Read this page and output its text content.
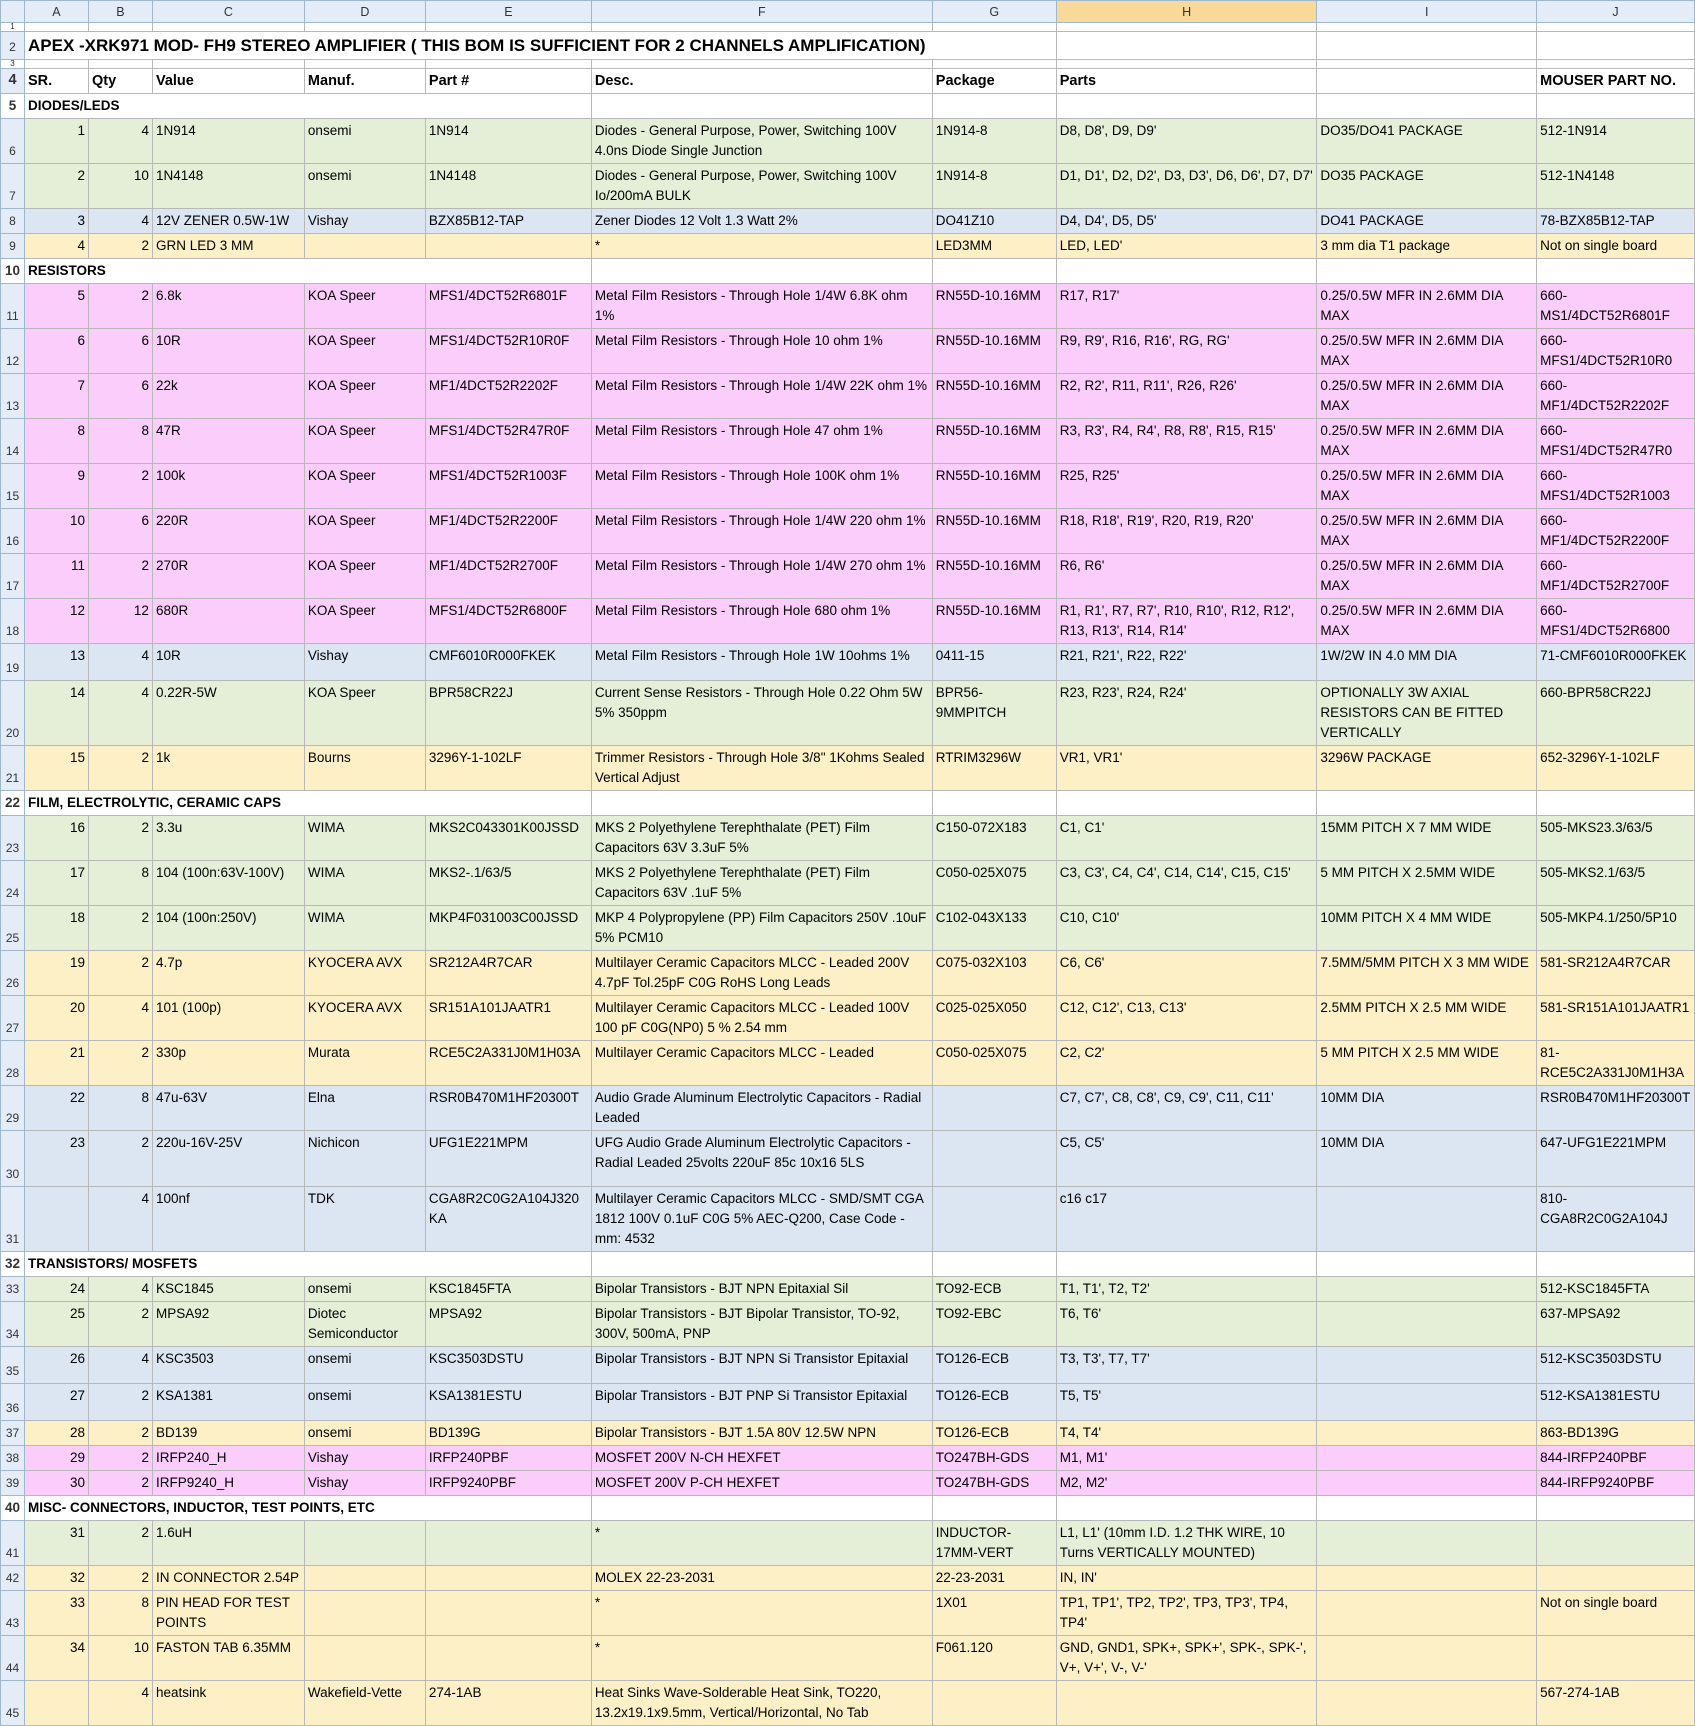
	A	B	C	D	E	F	G	H	I	J
1										
2	APEX -XRK971 MOD- FH9 STEREO AMPLIFIER ( THIS BOM IS SUFFICIENT FOR 2 CHANNELS AMPLIFICATION)									
3										
4	SR.	Qty	Value	Manuf.	Part #	Desc.	Package	Parts		MOUSER PART NO.
5	DIODES/LEDS									
6	1	4	1N914	onsemi	1N914	Diodes - General Purpose, Power, Switching 100V 4.0ns Diode Single Junction	1N914-8	D8, D8', D9, D9'	DO35/DO41 PACKAGE	512-1N914
7	2	10	1N4148	onsemi	1N4148	Diodes - General Purpose, Power, Switching 100V Io/200mA BULK	1N914-8	D1, D1', D2, D2', D3, D3', D6, D6', D7, D7'	DO35 PACKAGE	512-1N4148
8	3	4	12V ZENER 0.5W-1W	Vishay	BZX85B12-TAP	Zener Diodes 12 Volt 1.3 Watt 2%	DO41Z10	D4, D4', D5, D5'	DO41 PACKAGE	78-BZX85B12-TAP
9	4	2	GRN LED 3 MM			*	LED3MM	LED, LED'	3 mm dia T1 package	Not on single board
10	RESISTORS									
11	5	2	6.8k	KOA Speer	MFS1/4DCT52R6801F	Metal Film Resistors - Through Hole 1/4W 6.8K ohm 1%	RN55D-10.16MM	R17, R17'	0.25/0.5W MFR IN 2.6MM DIA MAX	660-MS1/4DCT52R6801F
12	6	6	10R	KOA Speer	MFS1/4DCT52R10R0F	Metal Film Resistors - Through Hole 10 ohm 1%	RN55D-10.16MM	R9, R9', R16, R16', RG, RG'	0.25/0.5W MFR IN 2.6MM DIA MAX	660-MFS1/4DCT52R10R0
13	7	6	22k	KOA Speer	MF1/4DCT52R2202F	Metal Film Resistors - Through Hole 1/4W 22K ohm 1%	RN55D-10.16MM	R2, R2', R11, R11', R26, R26'	0.25/0.5W MFR IN 2.6MM DIA MAX	660-MF1/4DCT52R2202F
14	8	8	47R	KOA Speer	MFS1/4DCT52R47R0F	Metal Film Resistors - Through Hole 47 ohm 1%	RN55D-10.16MM	R3, R3', R4, R4', R8, R8', R15, R15'	0.25/0.5W MFR IN 2.6MM DIA MAX	660-MFS1/4DCT52R47R0
15	9	2	100k	KOA Speer	MFS1/4DCT52R1003F	Metal Film Resistors - Through Hole 100K ohm 1%	RN55D-10.16MM	R25, R25'	0.25/0.5W MFR IN 2.6MM DIA MAX	660-MFS1/4DCT52R1003
16	10	6	220R	KOA Speer	MF1/4DCT52R2200F	Metal Film Resistors - Through Hole 1/4W 220 ohm 1%	RN55D-10.16MM	R18, R18', R19', R20, R19, R20'	0.25/0.5W MFR IN 2.6MM DIA MAX	660-MF1/4DCT52R2200F
17	11	2	270R	KOA Speer	MF1/4DCT52R2700F	Metal Film Resistors - Through Hole 1/4W 270 ohm 1%	RN55D-10.16MM	R6, R6'	0.25/0.5W MFR IN 2.6MM DIA MAX	660-MF1/4DCT52R2700F
18	12	12	680R	KOA Speer	MFS1/4DCT52R6800F	Metal Film Resistors - Through Hole 680 ohm 1%	RN55D-10.16MM	R1, R1', R7, R7', R10, R10', R12, R12', R13, R13', R14, R14'	0.25/0.5W MFR IN 2.6MM DIA MAX	660-MFS1/4DCT52R6800
19	13	4	10R	Vishay	CMF6010R000FKEK	Metal Film Resistors - Through Hole 1W 10ohms 1%	0411-15	R21, R21', R22, R22'	1W/2W IN 4.0 MM DIA	71-CMF6010R000FKEK
20	14	4	0.22R-5W	KOA Speer	BPR58CR22J	Current Sense Resistors - Through Hole 0.22 Ohm 5W 5% 350ppm	BPR56-9MMPITCH	R23, R23', R24, R24'	OPTIONALLY 3W AXIAL RESISTORS CAN BE FITTED VERTICALLY	660-BPR58CR22J
21	15	2	1k	Bourns	3296Y-1-102LF	Trimmer Resistors - Through Hole 3/8" 1Kohms Sealed Vertical Adjust	RTRIM3296W	VR1, VR1'	3296W PACKAGE	652-3296Y-1-102LF
22	FILM, ELECTROLYTIC, CERAMIC CAPS									
23	16	2	3.3u	WIMA	MKS2C043301K00JSSD	MKS 2 Polyethylene Terephthalate (PET) Film Capacitors 63V 3.3uF 5%	C150-072X183	C1, C1'	15MM PITCH X 7 MM WIDE	505-MKS23.3/63/5
24	17	8	104 (100n:63V-100V)	WIMA	MKS2-.1/63/5	MKS 2 Polyethylene Terephthalate (PET) Film Capacitors 63V .1uF 5%	C050-025X075	C3, C3', C4, C4', C14, C14', C15, C15'	5 MM PITCH X 2.5MM WIDE	505-MKS2.1/63/5
25	18	2	104 (100n:250V)	WIMA	MKP4F031003C00JSSD	MKP 4 Polypropylene (PP) Film Capacitors 250V .10uF 5% PCM10	C102-043X133	C10, C10'	10MM PITCH X 4 MM WIDE	505-MKP4.1/250/5P10
26	19	2	4.7p	KYOCERA AVX	SR212A4R7CAR	Multilayer Ceramic Capacitors MLCC - Leaded 200V 4.7pF Tol.25pF C0G RoHS Long Leads	C075-032X103	C6, C6'	7.5MM/5MM PITCH X 3 MM WIDE	581-SR212A4R7CAR
27	20	4	101 (100p)	KYOCERA AVX	SR151A101JAATR1	Multilayer Ceramic Capacitors MLCC - Leaded 100V 100 pF C0G(NP0) 5 % 2.54 mm	C025-025X050	C12, C12', C13, C13'	2.5MM PITCH X 2.5 MM WIDE	581-SR151A101JAATR1
28	21	2	330p	Murata	RCE5C2A331J0M1H03A	Multilayer Ceramic Capacitors MLCC - Leaded	C050-025X075	C2, C2'	5 MM PITCH X 2.5 MM WIDE	81-RCE5C2A331J0M1H3A
29	22	8	47u-63V	Elna	RSR0B470M1HF20300T	Audio Grade Aluminum Electrolytic Capacitors - Radial Leaded		C7, C7', C8, C8', C9, C9', C11, C11'	10MM DIA	RSR0B470M1HF20300T
30	23	2	220u-16V-25V	Nichicon	UFG1E221MPM	UFG Audio Grade Aluminum Electrolytic Capacitors - Radial Leaded 25volts 220uF 85c 10x16 5LS		C5, C5'	10MM DIA	647-UFG1E221MPM
31		4	100nf	TDK	CGA8R2C0G2A104J320KA	Multilayer Ceramic Capacitors MLCC - SMD/SMT CGA 1812 100V 0.1uF C0G 5% AEC-Q200, Case Code - mm: 4532		c16 c17		810-CGA8R2C0G2A104J
32	TRANSISTORS/ MOSFETS									
33	24	4	KSC1845	onsemi	KSC1845FTA	Bipolar Transistors - BJT NPN Epitaxial Sil	TO92-ECB	T1, T1', T2, T2'		512-KSC1845FTA
34	25	2	MPSA92	Diotec Semiconductor	MPSA92	Bipolar Transistors - BJT Bipolar Transistor, TO-92, 300V, 500mA, PNP	TO92-EBC	T6, T6'		637-MPSA92
35	26	4	KSC3503	onsemi	KSC3503DSTU	Bipolar Transistors - BJT NPN Si Transistor Epitaxial	TO126-ECB	T3, T3', T7, T7'		512-KSC3503DSTU
36	27	2	KSA1381	onsemi	KSA1381ESTU	Bipolar Transistors - BJT PNP Si Transistor Epitaxial	TO126-ECB	T5, T5'		512-KSA1381ESTU
37	28	2	BD139	onsemi	BD139G	Bipolar Transistors - BJT 1.5A 80V 12.5W NPN	TO126-ECB	T4, T4'		863-BD139G
38	29	2	IRFP240_H	Vishay	IRFP240PBF	MOSFET 200V N-CH HEXFET	TO247BH-GDS	M1, M1'		844-IRFP240PBF
39	30	2	IRFP9240_H	Vishay	IRFP9240PBF	MOSFET 200V P-CH HEXFET	TO247BH-GDS	M2, M2'		844-IRFP9240PBF
40	MISC- CONNECTORS, INDUCTOR, TEST POINTS, ETC									
41	31	2	1.6uH			*	INDUCTOR-17MM-VERT	L1, L1' (10mm I.D. 1.2 THK WIRE, 10 Turns VERTICALLY MOUNTED)		
42	32	2	IN CONNECTOR 2.54P			MOLEX 22-23-2031	22-23-2031	IN, IN'		
43	33	8	PIN HEAD FOR TEST POINTS			*	1X01	TP1, TP1', TP2, TP2', TP3, TP3', TP4, TP4'		Not on single board
44	34	10	FASTON TAB 6.35MM			*	F061.120	GND, GND1, SPK+, SPK+', SPK-, SPK-', V+, V+', V-, V-'		
45		4	heatsink	Wakefield-Vette	274-1AB	Heat Sinks Wave-Solderable Heat Sink, TO220, 13.2x19.1x9.5mm, Vertical/Horizontal, No Tab				567-274-1AB
